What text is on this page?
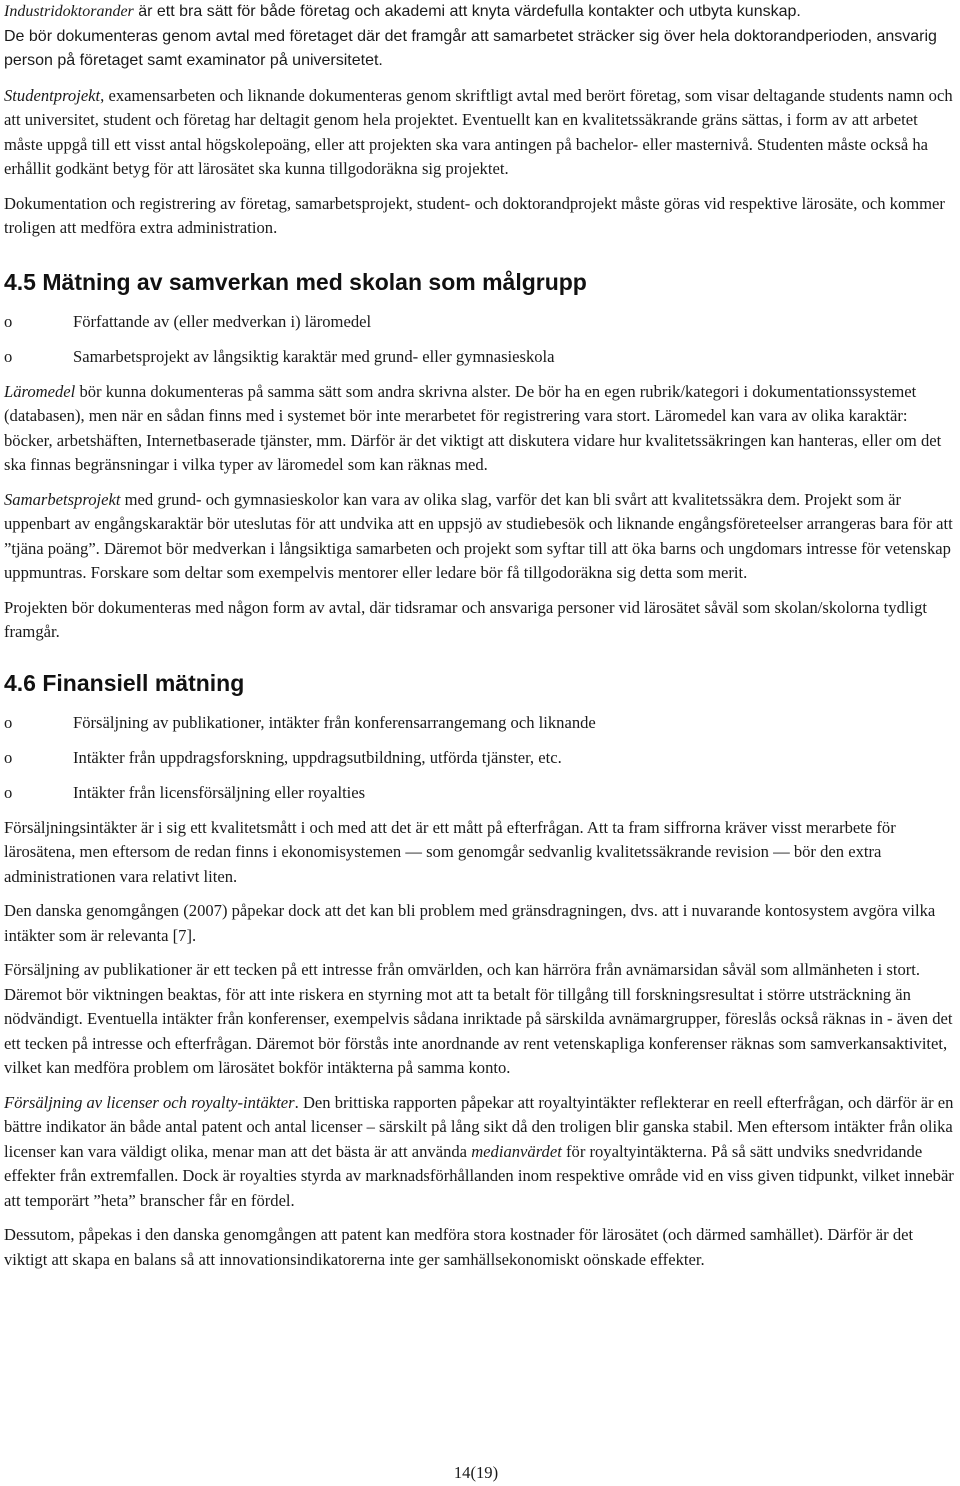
Industridoktorander är ett bra sätt för både företag och akademi att knyta värdefulla kontakter och utbyta kunskap.

De bör dokumenteras genom avtal med företaget där det framgår att samarbetet sträcker sig över hela doktorandperioden, ansvarig person på företaget samt examinator på universitetet.

Studentprojekt, examensarbeten och liknande dokumenteras genom skriftligt avtal med berört företag, som visar deltagande students namn och att universitet, student och företag har deltagit genom hela projektet. Eventuellt kan en kvalitetssäkrande gräns sättas, i form av att arbetet måste uppgå till ett visst antal högskolepoäng, eller att projekten ska vara antingen på bachelor- eller masternivå. Studenten måste också ha erhållit godkänt betyg för att lärosätet ska kunna tillgodoräkna sig projektet.

Dokumentation och registrering av företag, samarbetsprojekt, student- och doktorandprojekt måste göras vid respektive lärosäte, och kommer troligen att medföra extra administration.

4.5 Mätning av samverkan med skolan som målgrupp
o	Författande av (eller medverkan i) läromedel
o	Samarbetsprojekt av långsiktig karaktär med grund- eller gymnasieskola

Läromedel bör kunna dokumenteras på samma sätt som andra skrivna alster. De bör ha en egen rubrik/kategori i dokumentationssystemet (databasen), men när en sådan finns med i systemet bör inte merarbetet för registrering vara stort. Läromedel kan vara av olika karaktär: böcker, arbetshäften, Internetbaserade tjänster, mm. Därför är det viktigt att diskutera vidare hur kvalitetssäkringen kan hanteras, eller om det ska finnas begränsningar i vilka typer av läromedel som kan räknas med.

Samarbetsprojekt med grund- och gymnasieskolor kan vara av olika slag, varför det kan bli svårt att kvalitetssäkra dem. Projekt som är uppenbart av engångskaraktär bör uteslutas för att undvika att en uppsjö av studiebesök och liknande engångsföreteelser arrangeras bara för att ”tjäna poäng”. Däremot bör medverkan i långsiktiga samarbeten och projekt som syftar till att öka barns och ungdomars intresse för vetenskap uppmuntras. Forskare som deltar som exempelvis mentorer eller ledare bör få tillgodoräkna sig detta som merit.

Projekten bör dokumenteras med någon form av avtal, där tidsramar och ansvariga personer vid lärosätet såväl som skolan/skolorna tydligt framgår.

4.6 Finansiell mätning
o	Försäljning av publikationer, intäkter från konferensarrangemang och liknande
o	Intäkter från uppdragsforskning, uppdragsutbildning, utförda tjänster, etc.
o	Intäkter från licensförsäljning eller royalties

Försäljningsintäkter är i sig ett kvalitetsmått i och med att det är ett mått på efterfrågan. Att ta fram siffrorna kräver visst merarbete för lärosätena, men eftersom de redan finns i ekonomisystemen — som genomgår sedvanlig kvalitetssäkrande revision — bör den extra administrationen vara relativt liten.

Den danska genomgången (2007) påpekar dock att det kan bli problem med gränsdragningen, dvs. att i nuvarande kontosystem avgöra vilka intäkter som är relevanta [7].

Försäljning av publikationer är ett tecken på ett intresse från omvärlden, och kan härröra från avnämarsidan såväl som allmänheten i stort. Däremot bör viktningen beaktas, för att inte riskera en styrning mot att ta betalt för tillgång till forskningsresultat i större utsträckning än nödvändigt. Eventuella intäkter från konferenser, exempelvis sådana inriktade på särskilda avnämargrupper, föreslås också räknas in - även det ett tecken på intresse och efterfrågan. Däremot bör förstås inte anordnande av rent vetenskapliga konferenser räknas som samverkansaktivitet, vilket kan medföra problem om lärosätet bokför intäkterna på samma konto.

Försäljning av licenser och royalty-intäkter. Den brittiska rapporten påpekar att royaltyintäkter reflekterar en reell efterfrågan, och därför är en bättre indikator än både antal patent och antal licenser – särskilt på lång sikt då den troligen blir ganska stabil. Men eftersom intäkter från olika licenser kan vara väldigt olika, menar man att det bästa är att använda medianvärdet för royaltyintäkterna. På så sätt undviks snedvridande effekter från extremfallen. Dock är royalties styrda av marknadsförhållanden inom respektive område vid en viss given tidpunkt, vilket innebär att temporärt ”heta” branscher får en fördel.

Dessutom, påpekas i den danska genomgången att patent kan medföra stora kostnader för lärosätet (och därmed samhället). Därför är det viktigt att skapa en balans så att innovationsindikatorerna inte ger samhällsekonomiskt oönskade effekter.

14(19)
